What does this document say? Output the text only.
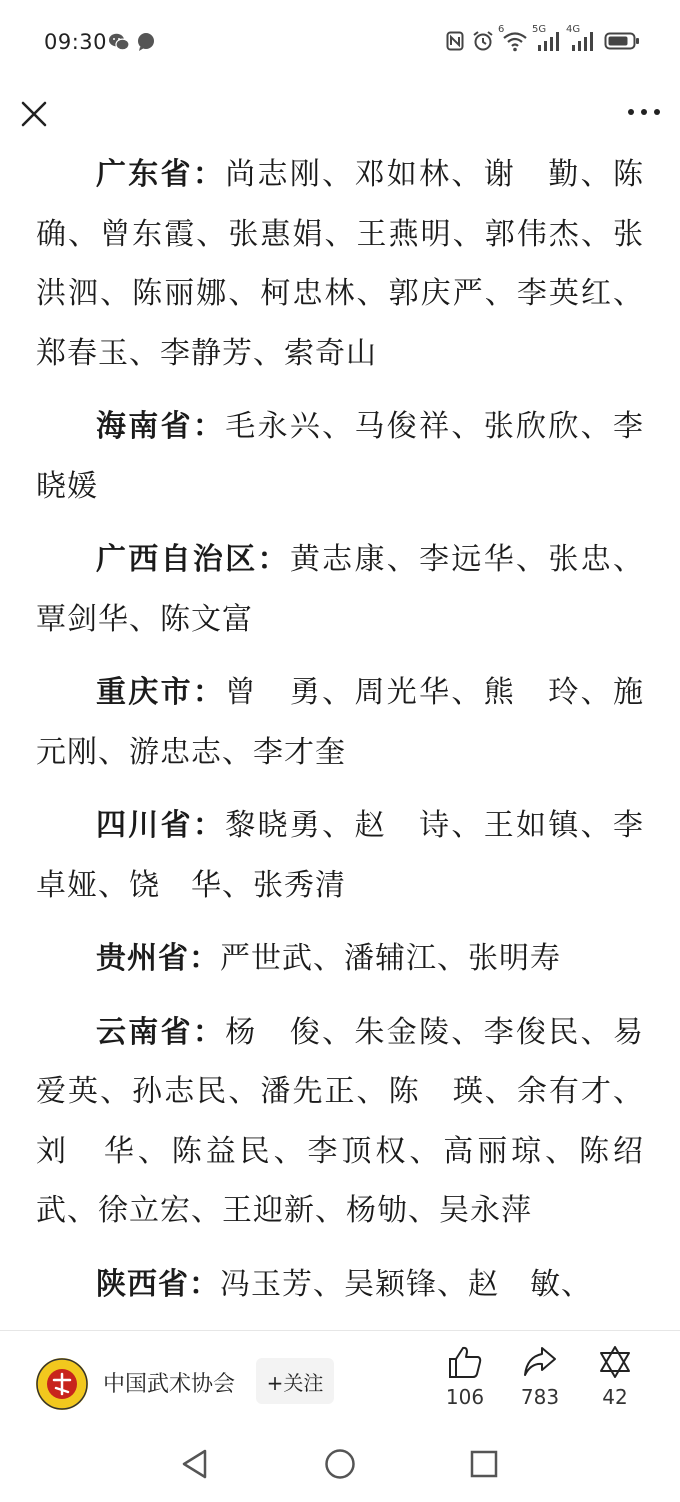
09:30
6	5G 4G

广东省：尚志刚、邓如林、谢　勤、陈　确、曾东霞、张惠娟、王燕明、郭伟杰、张洪泗、陈丽娜、柯忠林、郭庆严、李英红、郑春玉、李静芳、索奇山

海南省：毛永兴、马俊祥、张欣欣、李晓媛

广西自治区：黄志康、李远华、张忠、覃剑华、陈文富

重庆市：曾　勇、周光华、熊　玲、施元刚、游忠志、李才奎

四川省：黎晓勇、赵　诗、王如镇、李卓娅、饶　华、张秀清

贵州省：严世武、潘辅江、张明寿

云南省：杨　俊、朱金陵、李俊民、易爱英、孙志民、潘先正、陈　瑛、余有才、刘　华、陈益民、李顶权、高丽琼、陈绍武、徐立宏、王迎新、杨劬、吴永萍

陕西省：冯玉芳、吴颖锋、赵　敏、

中国武术协会	+关注
106	783	42
